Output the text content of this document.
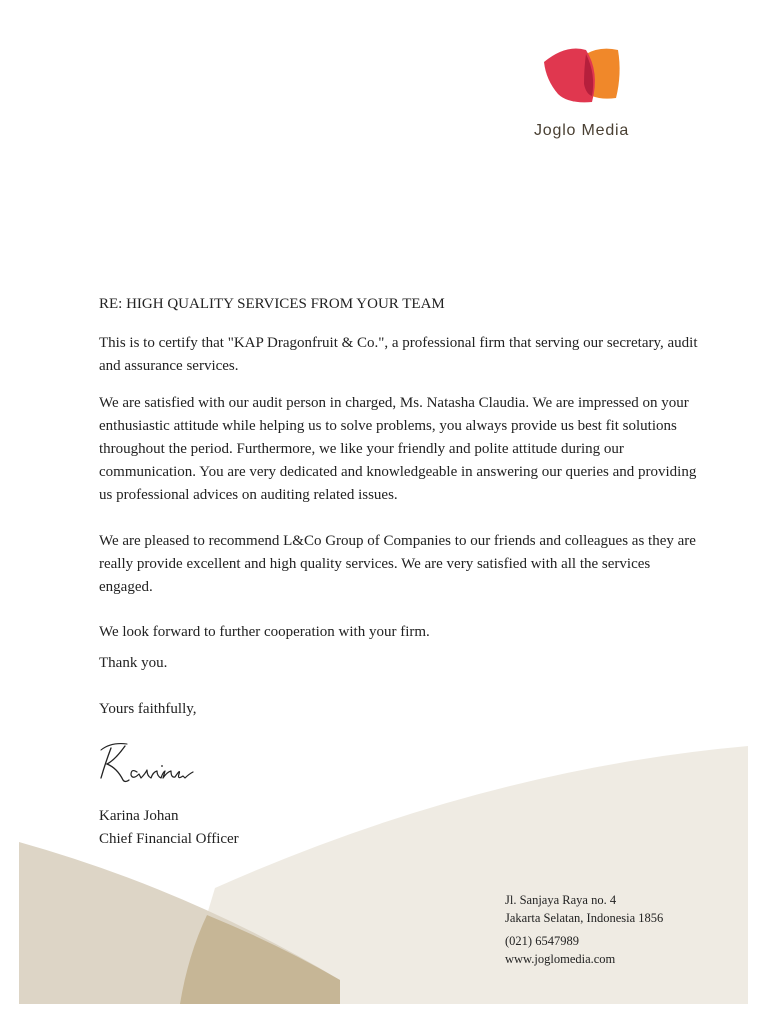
Joglo Media

RE: HIGH QUALITY SERVICES FROM YOUR TEAM

This is to certify that "KAP Dragonfruit & Co.", a professional firm that serving our secretary, audit and assurance services.

We are satisfied with our audit person in charged, Ms. Natasha Claudia. We are impressed on your enthusiastic attitude while helping us to solve problems, you always provide us best fit solutions throughout the period. Furthermore, we like your friendly and polite attitude during our communication. You are very dedicated and knowledgeable in answering our queries and providing us professional advices on auditing related issues.

We are pleased to recommend L&Co Group of Companies to our friends and colleagues as they are really provide excellent and high quality services. We are very satisfied with all the services engaged.

We look forward to further cooperation with your firm.

Thank you.

Yours faithfully,

Karina Johan
Chief Financial Officer
Jl. Sanjaya Raya no. 4
Jakarta Selatan, Indonesia 1856
(021) 6547989
www.joglomedia.com
